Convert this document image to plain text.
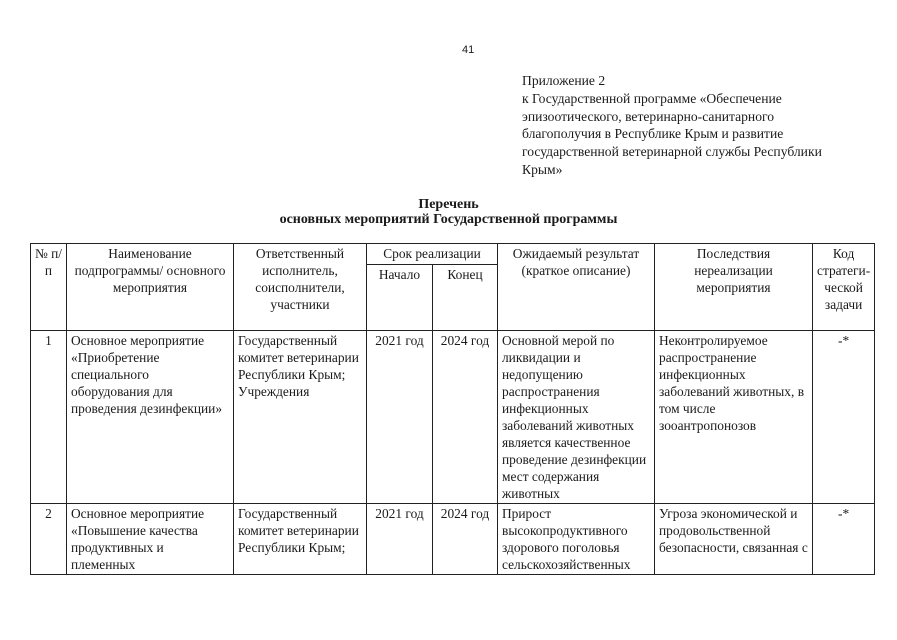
41
Приложение 2
к Государственной программе «Обеспечение
эпизоотического, ветеринарно-санитарного
благополучия в Республике Крым и развитие
государственной ветеринарной службы Республики
Крым»
Перечень
основных мероприятий Государственной программы
№ п/п	Наименование подпрограммы/ основного мероприятия	Ответственный исполнитель, соисполнители, участники	Срок реализации		Ожидаемый результат (краткое описание)	Последствия нереализации мероприятия	Код стратеги-ческой задачи
			Начало	Конец			
1	Основное мероприятие «Приобретение специального оборудования для проведения дезинфекции»	Государственный комитет ветеринарии Республики Крым; Учреждения	2021 год	2024 год	Основной мерой по ликвидации и недопущению распространения инфекционных заболеваний животных является качественное проведение дезинфекции мест содержания животных	Неконтролируемое распространение инфекционных заболеваний животных, в том числе зооантропонозов	-*
2	Основное мероприятие «Повышение качества продуктивных и племенных	Государственный комитет ветеринарии Республики Крым;	2021 год	2024 год	Прирост высокопродуктивного здорового поголовья сельскохозяйственных	Угроза экономической и продовольственной безопасности, связанная с	-*
